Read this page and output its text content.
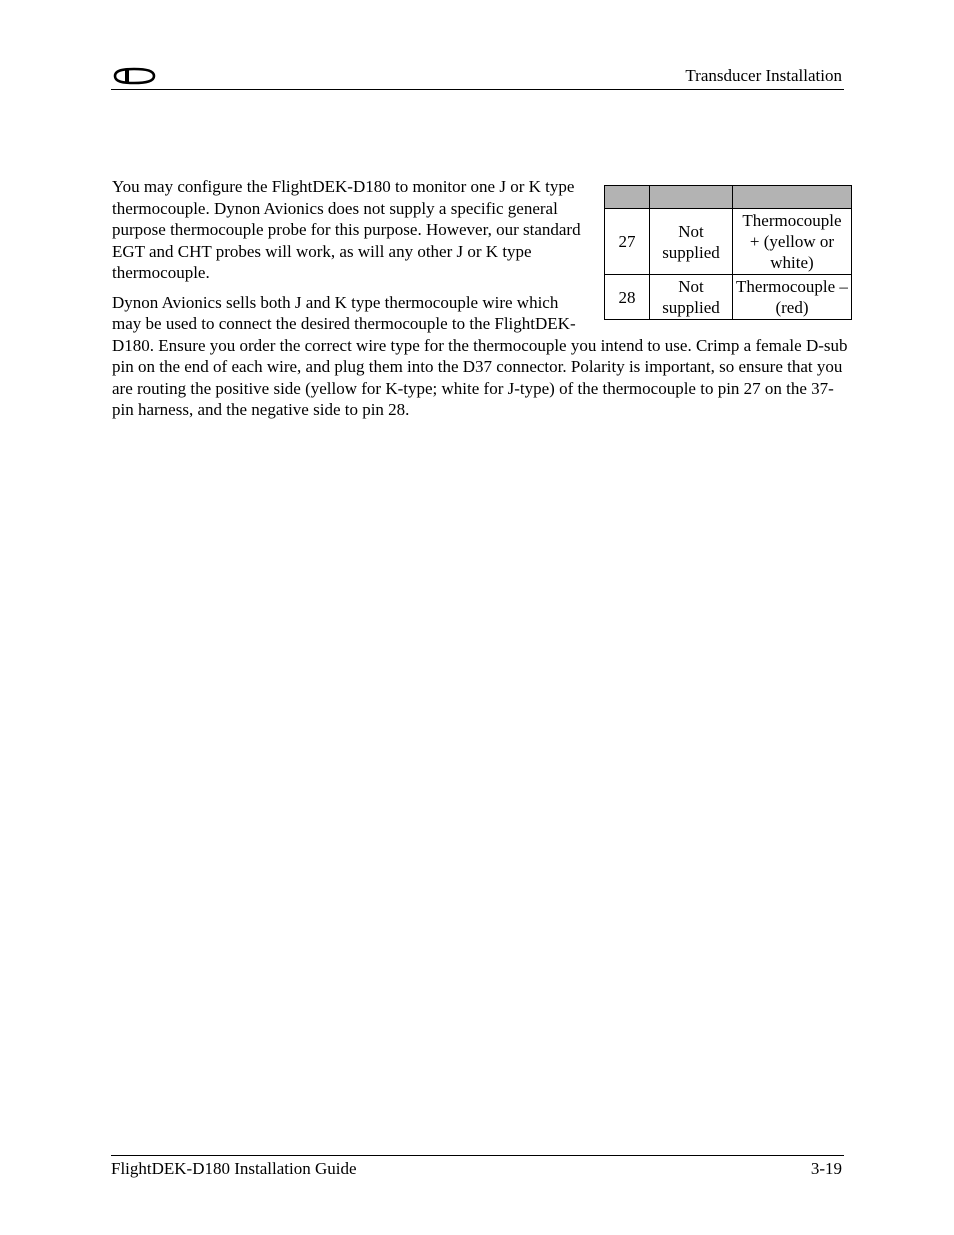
Transducer Installation

27	Not supplied	Thermocouple + (yellow or white)
28	Not supplied	Thermocouple – (red)

You may configure the FlightDEK-D180 to monitor one J or K type thermocouple. Dynon Avionics does not supply a specific general purpose thermocouple probe for this purpose. However, our standard EGT and CHT probes will work, as will any other J or K type thermocouple.

Dynon Avionics sells both J and K type thermocouple wire which may be used to connect the desired thermocouple to the FlightDEK-D180. Ensure you order the correct wire type for the thermocouple you intend to use. Crimp a female D-sub pin on the end of each wire, and plug them into the D37 connector. Polarity is important, so ensure that you are routing the positive side (yellow for K-type; white for J-type) of the thermocouple to pin 27 on the 37-pin harness, and the negative side to pin 28.

FlightDEK-D180 Installation Guide	3-19
